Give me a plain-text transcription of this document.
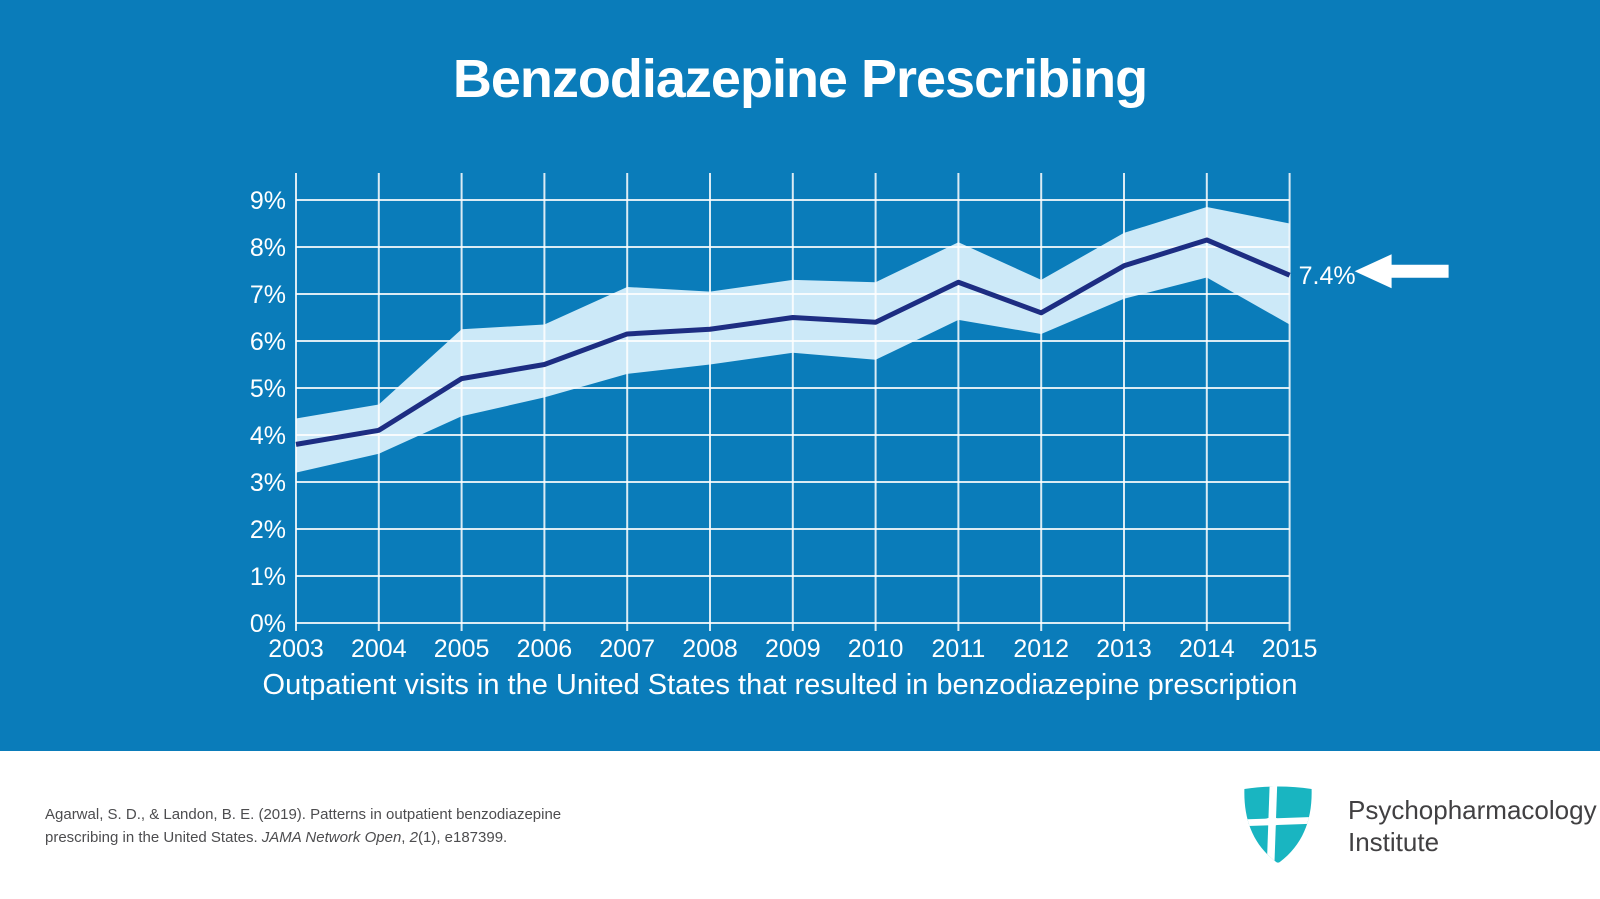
Benzodiazepine Prescribing
0%
1%
2%
3%
4%
5%
6%
7%
8%
9%
2003 2004 2005 2006 2007 2008 2009 2010 2011 2012 2013 2014 2015
7.4%

Outpatient visits in the United States that resulted in benzodiazepine prescription

Agarwal, S. D., & Landon, B. E. (2019). Patterns in outpatient benzodiazepine
prescribing in the United States. JAMA Network Open, 2(1), e187399.

Psychopharmacology
Institute
